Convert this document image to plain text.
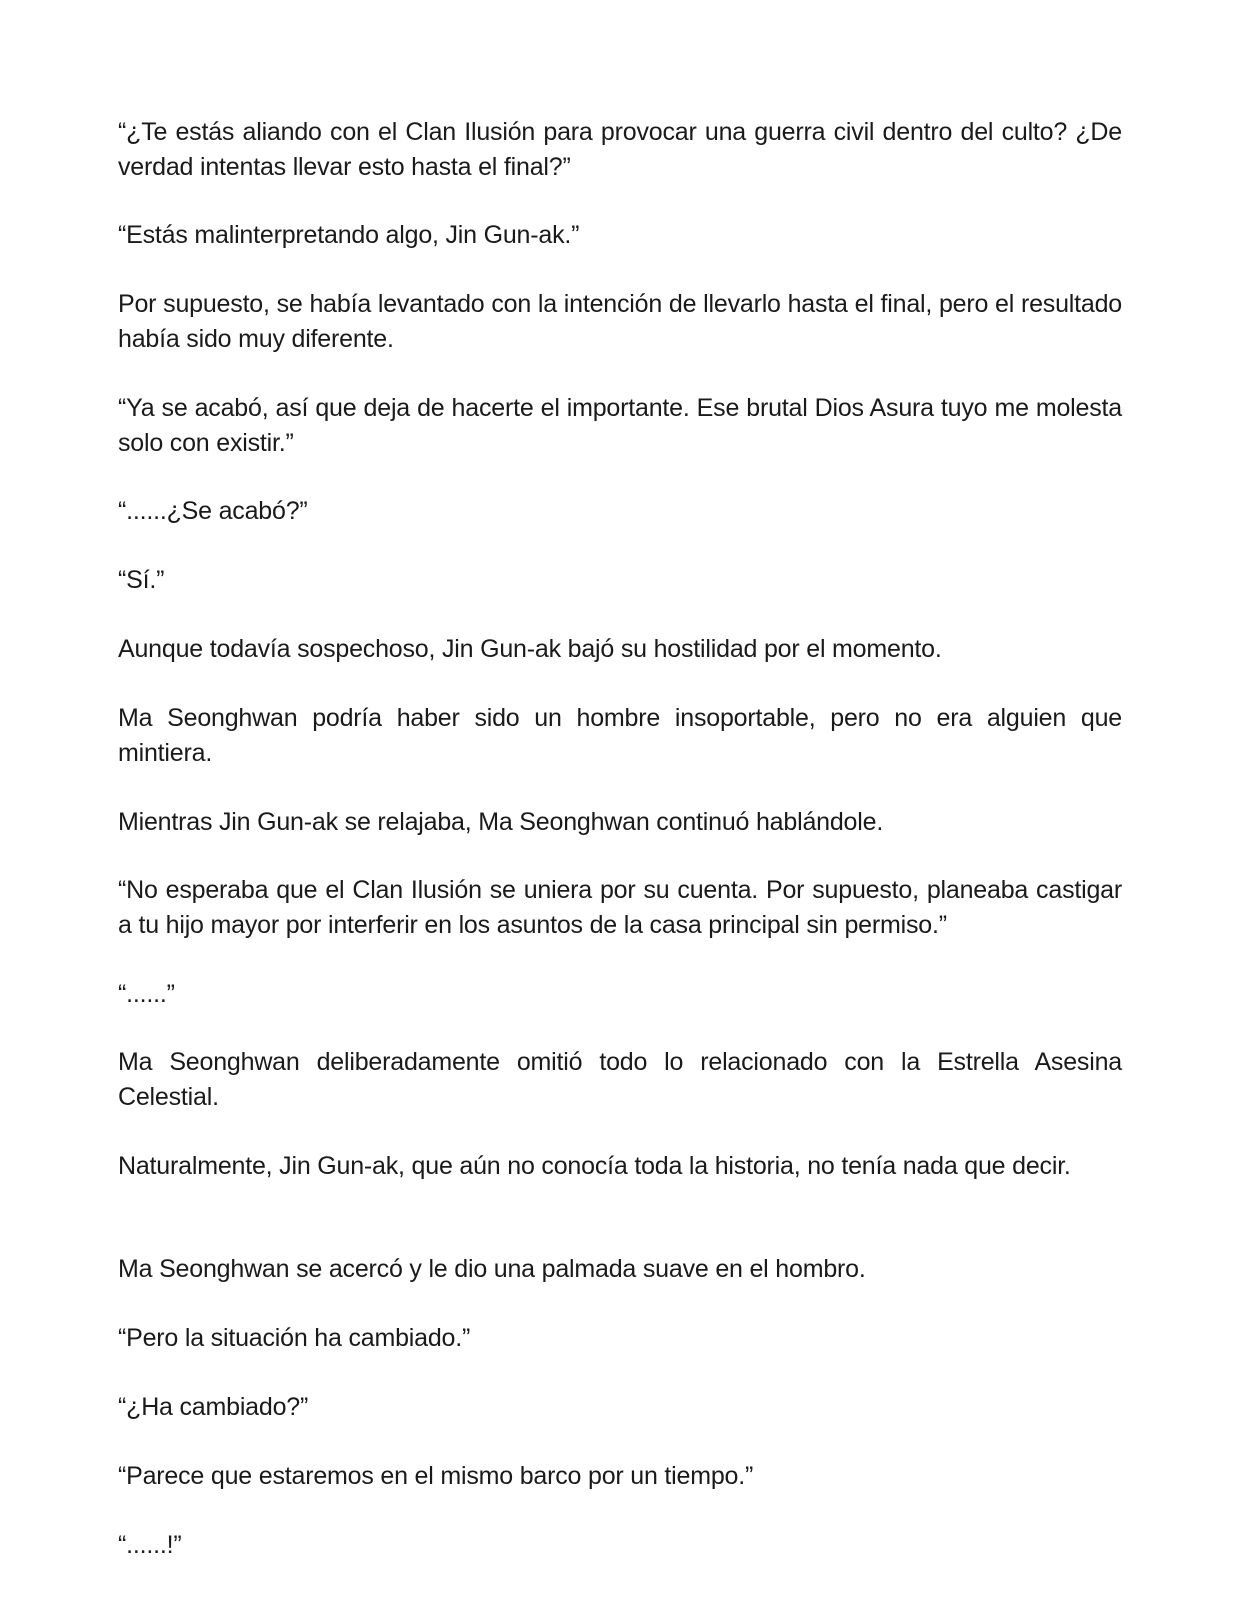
“¿Te estás aliando con el Clan Ilusión para provocar una guerra civil dentro del culto? ¿De verdad intentas llevar esto hasta el final?”

“Estás malinterpretando algo, Jin Gun-ak.”

Por supuesto, se había levantado con la intención de llevarlo hasta el final, pero el resultado había sido muy diferente.

“Ya se acabó, así que deja de hacerte el importante. Ese brutal Dios Asura tuyo me molesta solo con existir.”

“......¿Se acabó?”

“Sí.”

Aunque todavía sospechoso, Jin Gun-ak bajó su hostilidad por el momento.

Ma Seonghwan podría haber sido un hombre insoportable, pero no era alguien que mintiera.

Mientras Jin Gun-ak se relajaba, Ma Seonghwan continuó hablándole.

“No esperaba que el Clan Ilusión se uniera por su cuenta. Por supuesto, planeaba castigar a tu hijo mayor por interferir en los asuntos de la casa principal sin permiso.”

“......”

Ma Seonghwan deliberadamente omitió todo lo relacionado con la Estrella Asesina Celestial.

Naturalmente, Jin Gun-ak, que aún no conocía toda la historia, no tenía nada que decir.

Ma Seonghwan se acercó y le dio una palmada suave en el hombro.

“Pero la situación ha cambiado.”

“¿Ha cambiado?”

“Parece que estaremos en el mismo barco por un tiempo.”

“......!”
